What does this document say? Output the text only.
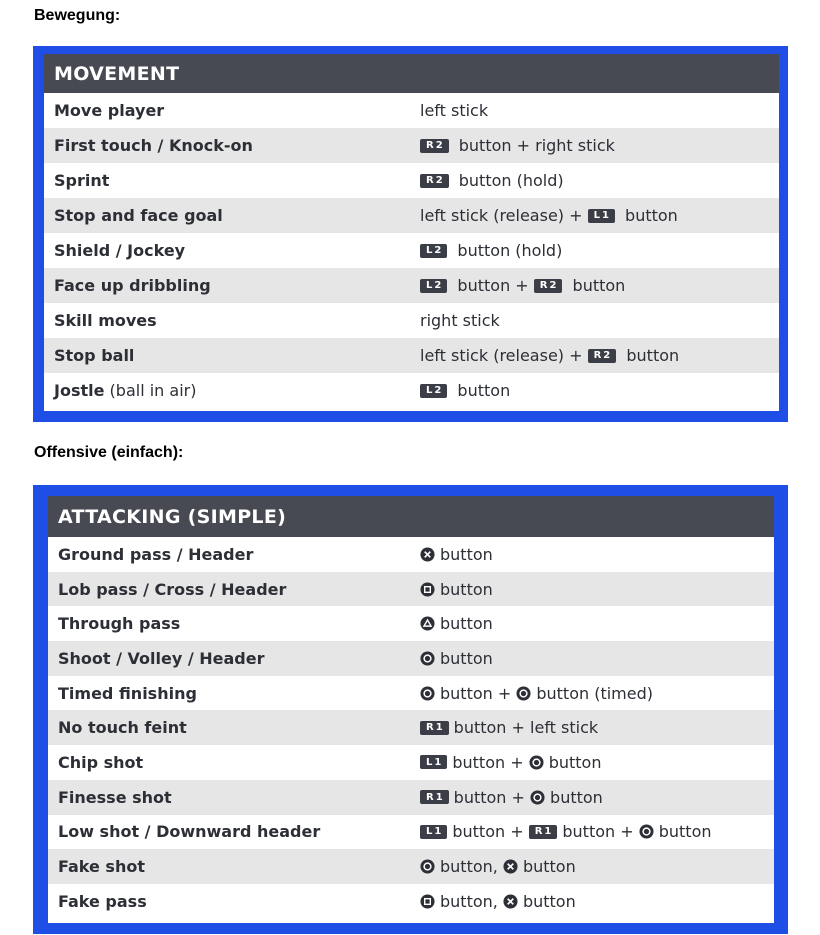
Bewegung:
MOVEMENT
Move player	left stick
First touch / Knock-on	R2 button + right stick
Sprint	R2 button (hold)
Stop and face goal	left stick (release) + L1 button
Shield / Jockey	L2 button (hold)
Face up dribbling	L2 button + R2 button
Skill moves	right stick
Stop ball	left stick (release) + R2 button
Jostle (ball in air)	L2 button
Offensive (einfach):
ATTACKING (SIMPLE)
Ground pass / Header	button
Lob pass / Cross / Header	button
Through pass	button
Shoot / Volley / Header	button
Timed finishing	button + button (timed)
No touch feint	R1 button + left stick
Chip shot	L1 button + button
Finesse shot	R1 button + button
Low shot / Downward header	L1 button + R1 button + button
Fake shot	button, button
Fake pass	button, button
